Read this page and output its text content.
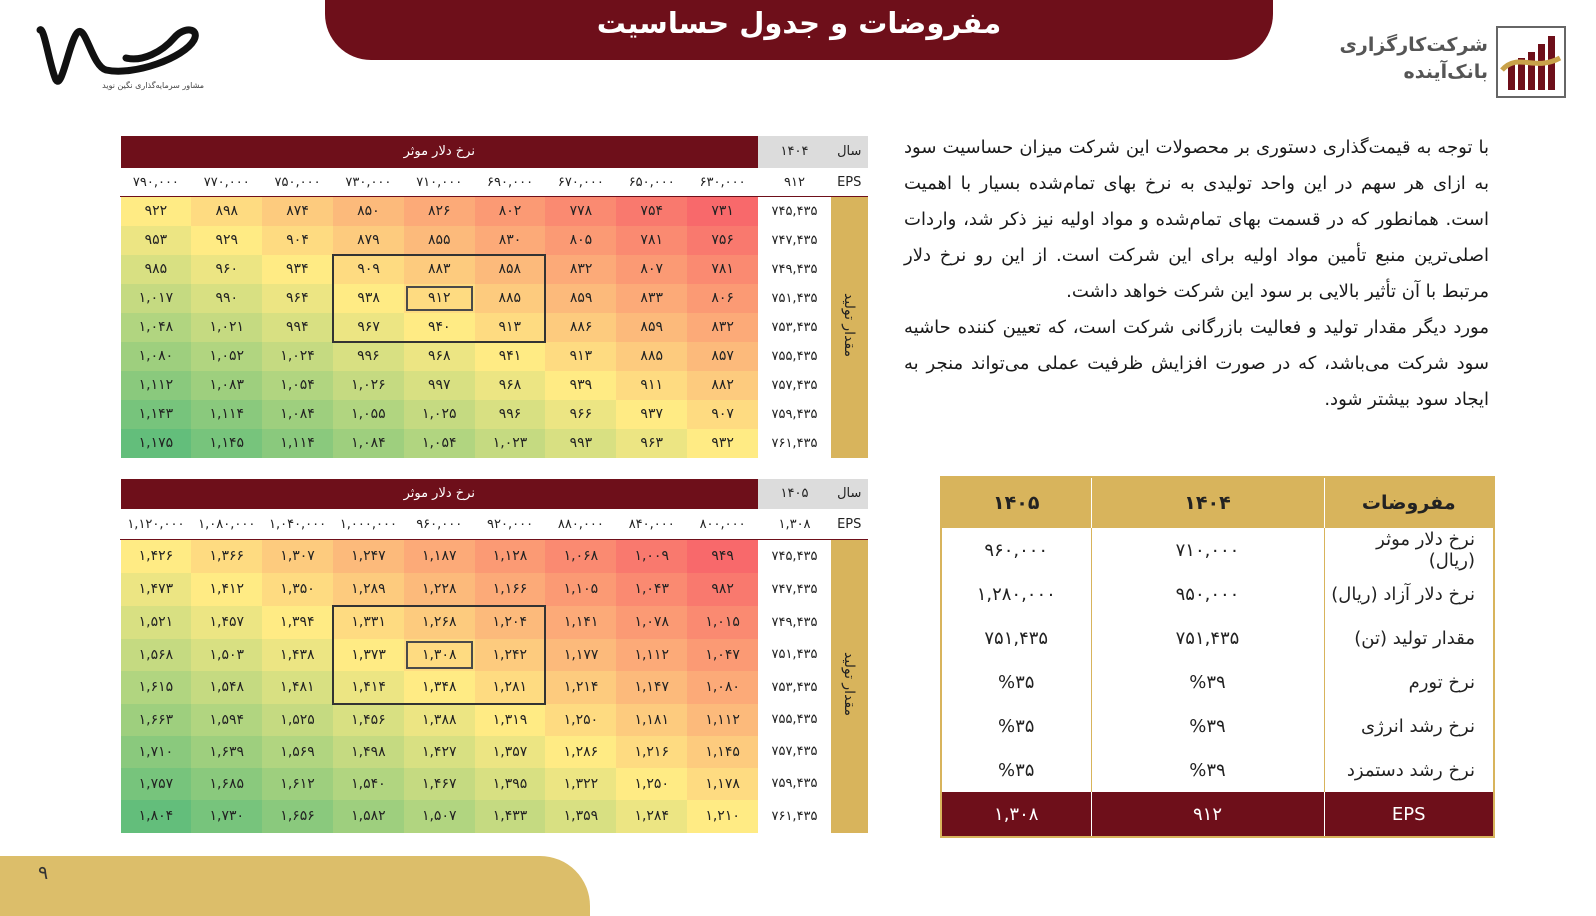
مفروضات و جدول حساسیت
مشاور سرمایه‌گذاری نگین نوید
شرکت‌کارگزاری
بانک‌آینده

با توجه به قیمت‌گذاری دستوری بر محصولات این شرکت میزان حساسیت سود به ازای هر سهم در این واحد تولیدی به نرخ بهای تمام‌شده بسیار با اهمیت است. همانطور که در قسمت بهای تمام‌شده و مواد اولیه نیز ذکر شد، واردات اصلی‌ترین منبع تأمین مواد اولیه برای این شرکت است. از این رو نرخ دلار مرتبط با آن تأثیر بالایی بر سود این شرکت خواهد داشت.

مورد دیگر مقدار تولید و فعالیت بازرگانی شرکت است، که تعیین کننده حاشیه سود شرکت می‌باشد، که در صورت افزایش ظرفیت عملی می‌تواند منجر به ایجاد سود بیشتر شود.

نرخ دلار موثر									۱۴۰۴	سال
۷۹۰,۰۰۰	۷۷۰,۰۰۰	۷۵۰,۰۰۰	۷۳۰,۰۰۰	۷۱۰,۰۰۰	۶۹۰,۰۰۰	۶۷۰,۰۰۰	۶۵۰,۰۰۰	۶۳۰,۰۰۰	۹۱۲	EPS
۹۲۲	۸۹۸	۸۷۴	۸۵۰	۸۲۶	۸۰۲	۷۷۸	۷۵۴	۷۳۱	۷۴۵,۴۳۵	مقدار تولید
۹۵۳	۹۲۹	۹۰۴	۸۷۹	۸۵۵	۸۳۰	۸۰۵	۷۸۱	۷۵۶	۷۴۷,۴۳۵	
۹۸۵	۹۶۰	۹۳۴	۹۰۹	۸۸۳	۸۵۸	۸۳۲	۸۰۷	۷۸۱	۷۴۹,۴۳۵	
۱,۰۱۷	۹۹۰	۹۶۴	۹۳۸	۹۱۲	۸۸۵	۸۵۹	۸۳۳	۸۰۶	۷۵۱,۴۳۵	
۱,۰۴۸	۱,۰۲۱	۹۹۴	۹۶۷	۹۴۰	۹۱۳	۸۸۶	۸۵۹	۸۳۲	۷۵۳,۴۳۵	
۱,۰۸۰	۱,۰۵۲	۱,۰۲۴	۹۹۶	۹۶۸	۹۴۱	۹۱۳	۸۸۵	۸۵۷	۷۵۵,۴۳۵	
۱,۱۱۲	۱,۰۸۳	۱,۰۵۴	۱,۰۲۶	۹۹۷	۹۶۸	۹۳۹	۹۱۱	۸۸۲	۷۵۷,۴۳۵	
۱,۱۴۳	۱,۱۱۴	۱,۰۸۴	۱,۰۵۵	۱,۰۲۵	۹۹۶	۹۶۶	۹۳۷	۹۰۷	۷۵۹,۴۳۵	
۱,۱۷۵	۱,۱۴۵	۱,۱۱۴	۱,۰۸۴	۱,۰۵۴	۱,۰۲۳	۹۹۳	۹۶۳	۹۳۲	۷۶۱,۴۳۵	
نرخ دلار موثر									۱۴۰۵	سال
۱,۱۲۰,۰۰۰	۱,۰۸۰,۰۰۰	۱,۰۴۰,۰۰۰	۱,۰۰۰,۰۰۰	۹۶۰,۰۰۰	۹۲۰,۰۰۰	۸۸۰,۰۰۰	۸۴۰,۰۰۰	۸۰۰,۰۰۰	۱,۳۰۸	EPS
۱,۴۲۶	۱,۳۶۶	۱,۳۰۷	۱,۲۴۷	۱,۱۸۷	۱,۱۲۸	۱,۰۶۸	۱,۰۰۹	۹۴۹	۷۴۵,۴۳۵	مقدار تولید
۱,۴۷۳	۱,۴۱۲	۱,۳۵۰	۱,۲۸۹	۱,۲۲۸	۱,۱۶۶	۱,۱۰۵	۱,۰۴۳	۹۸۲	۷۴۷,۴۳۵	
۱,۵۲۱	۱,۴۵۷	۱,۳۹۴	۱,۳۳۱	۱,۲۶۸	۱,۲۰۴	۱,۱۴۱	۱,۰۷۸	۱,۰۱۵	۷۴۹,۴۳۵	
۱,۵۶۸	۱,۵۰۳	۱,۴۳۸	۱,۳۷۳	۱,۳۰۸	۱,۲۴۲	۱,۱۷۷	۱,۱۱۲	۱,۰۴۷	۷۵۱,۴۳۵	
۱,۶۱۵	۱,۵۴۸	۱,۴۸۱	۱,۴۱۴	۱,۳۴۸	۱,۲۸۱	۱,۲۱۴	۱,۱۴۷	۱,۰۸۰	۷۵۳,۴۳۵	
۱,۶۶۳	۱,۵۹۴	۱,۵۲۵	۱,۴۵۶	۱,۳۸۸	۱,۳۱۹	۱,۲۵۰	۱,۱۸۱	۱,۱۱۲	۷۵۵,۴۳۵	
۱,۷۱۰	۱,۶۳۹	۱,۵۶۹	۱,۴۹۸	۱,۴۲۷	۱,۳۵۷	۱,۲۸۶	۱,۲۱۶	۱,۱۴۵	۷۵۷,۴۳۵	
۱,۷۵۷	۱,۶۸۵	۱,۶۱۲	۱,۵۴۰	۱,۴۶۷	۱,۳۹۵	۱,۳۲۲	۱,۲۵۰	۱,۱۷۸	۷۵۹,۴۳۵	
۱,۸۰۴	۱,۷۳۰	۱,۶۵۶	۱,۵۸۲	۱,۵۰۷	۱,۴۳۳	۱,۳۵۹	۱,۲۸۴	۱,۲۱۰	۷۶۱,۴۳۵	
۱۴۰۵	۱۴۰۴	مفروضات
۹۶۰,۰۰۰	۷۱۰,۰۰۰	نرخ دلار موثر (ریال)
۱,۲۸۰,۰۰۰	۹۵۰,۰۰۰	نرخ دلار آزاد (ریال)
۷۵۱,۴۳۵	۷۵۱,۴۳۵	مقدار تولید (تن)
%۳۵	%۳۹	نرخ تورم
%۳۵	%۳۹	نرخ رشد انرژی
%۳۵	%۳۹	نرخ رشد دستمزد
۱,۳۰۸	۹۱۲	EPS
۹
